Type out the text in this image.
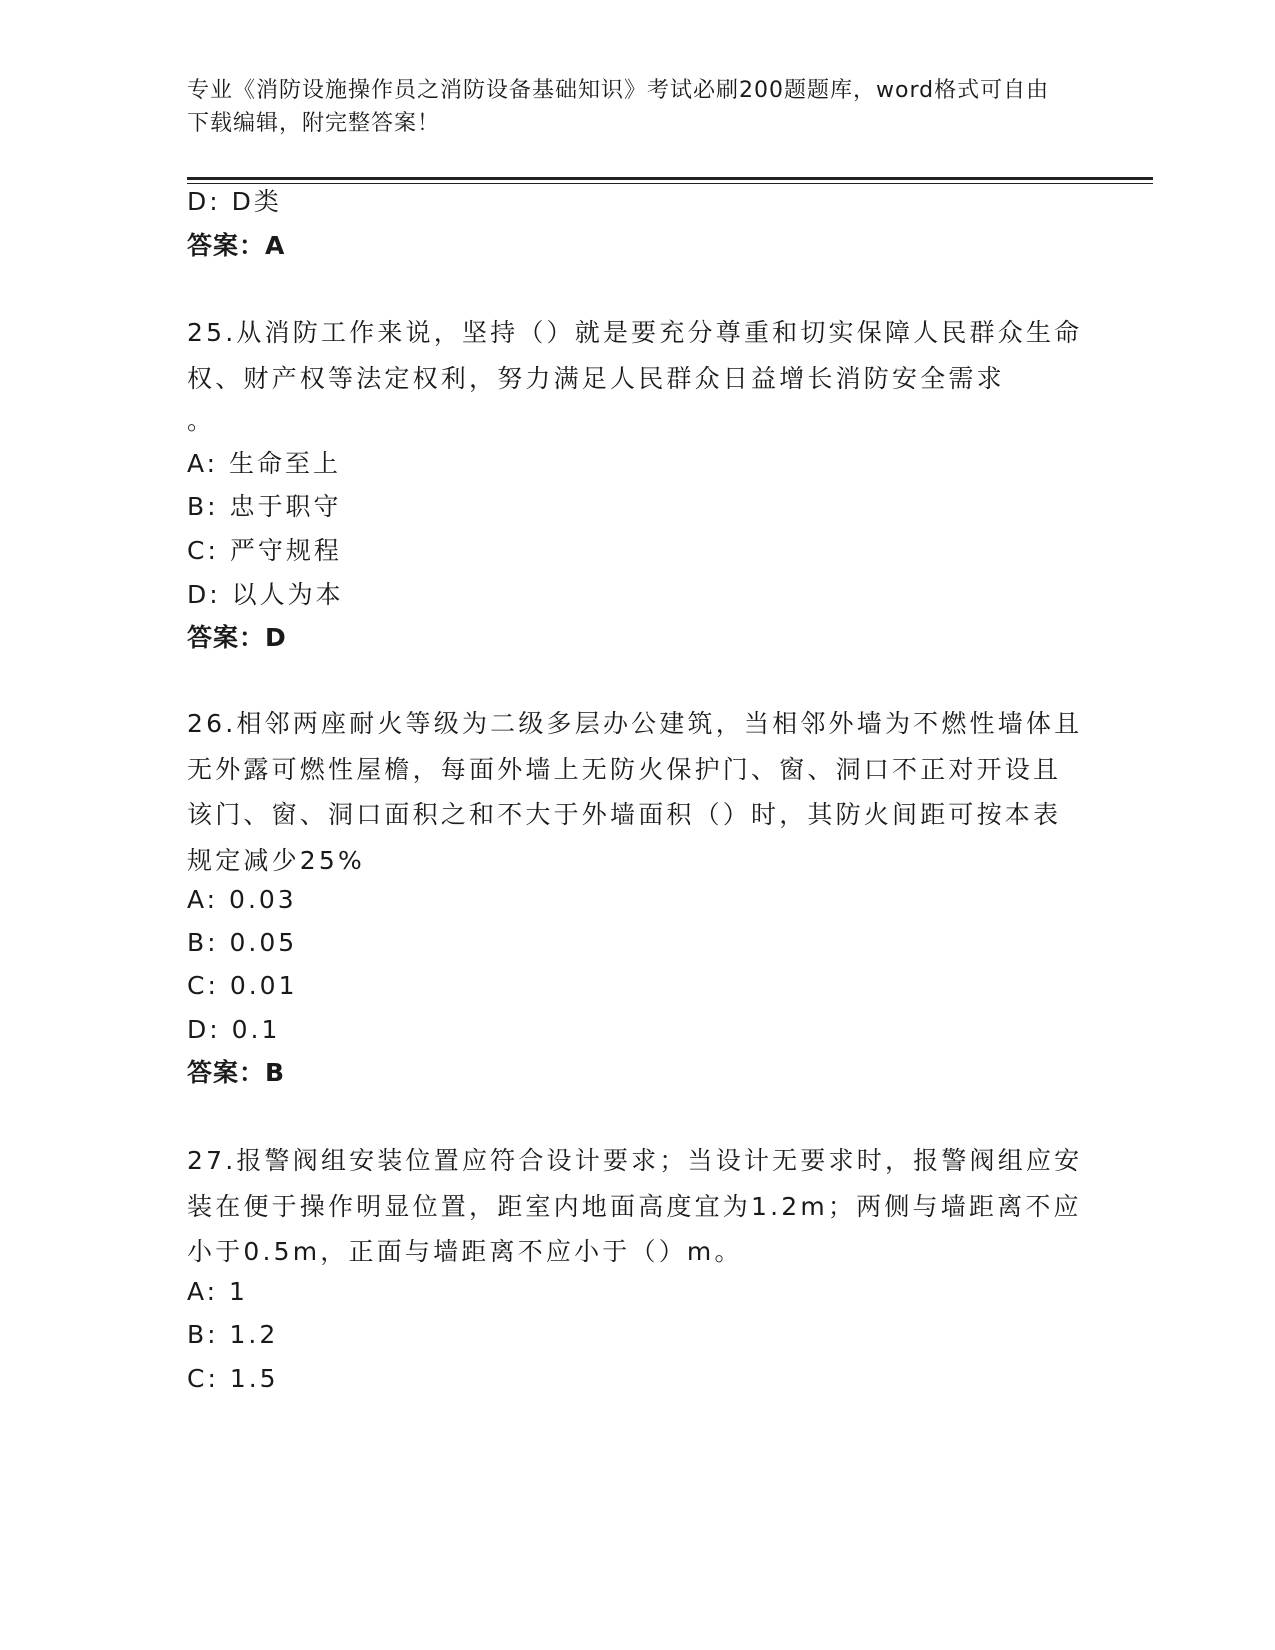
专业《消防设施操作员之消防设备基础知识》考试必刷200题题库，word格式可自由下载编辑，附完整答案！
D: D类
答案：A
25.从消防工作来说，坚持（）就是要充分尊重和切实保障人民群众生命权、财产权等法定权利，努力满足人民群众日益增长消防安全需求
。
A: 生命至上
B: 忠于职守
C: 严守规程
D: 以人为本
答案：D
26.相邻两座耐火等级为二级多层办公建筑，当相邻外墙为不燃性墙体且无外露可燃性屋檐，每面外墙上无防火保护门、窗、洞口不正对开设且该门、窗、洞口面积之和不大于外墙面积（）时，其防火间距可按本表规定减少25%
A: 0.03
B: 0.05
C: 0.01
D: 0.1
答案：B
27.报警阀组安装位置应符合设计要求；当设计无要求时，报警阀组应安装在便于操作明显位置，距室内地面高度宜为1.2m；两侧与墙距离不应小于0.5m，正面与墙距离不应小于（）m。
A: 1
B: 1.2
C: 1.5
